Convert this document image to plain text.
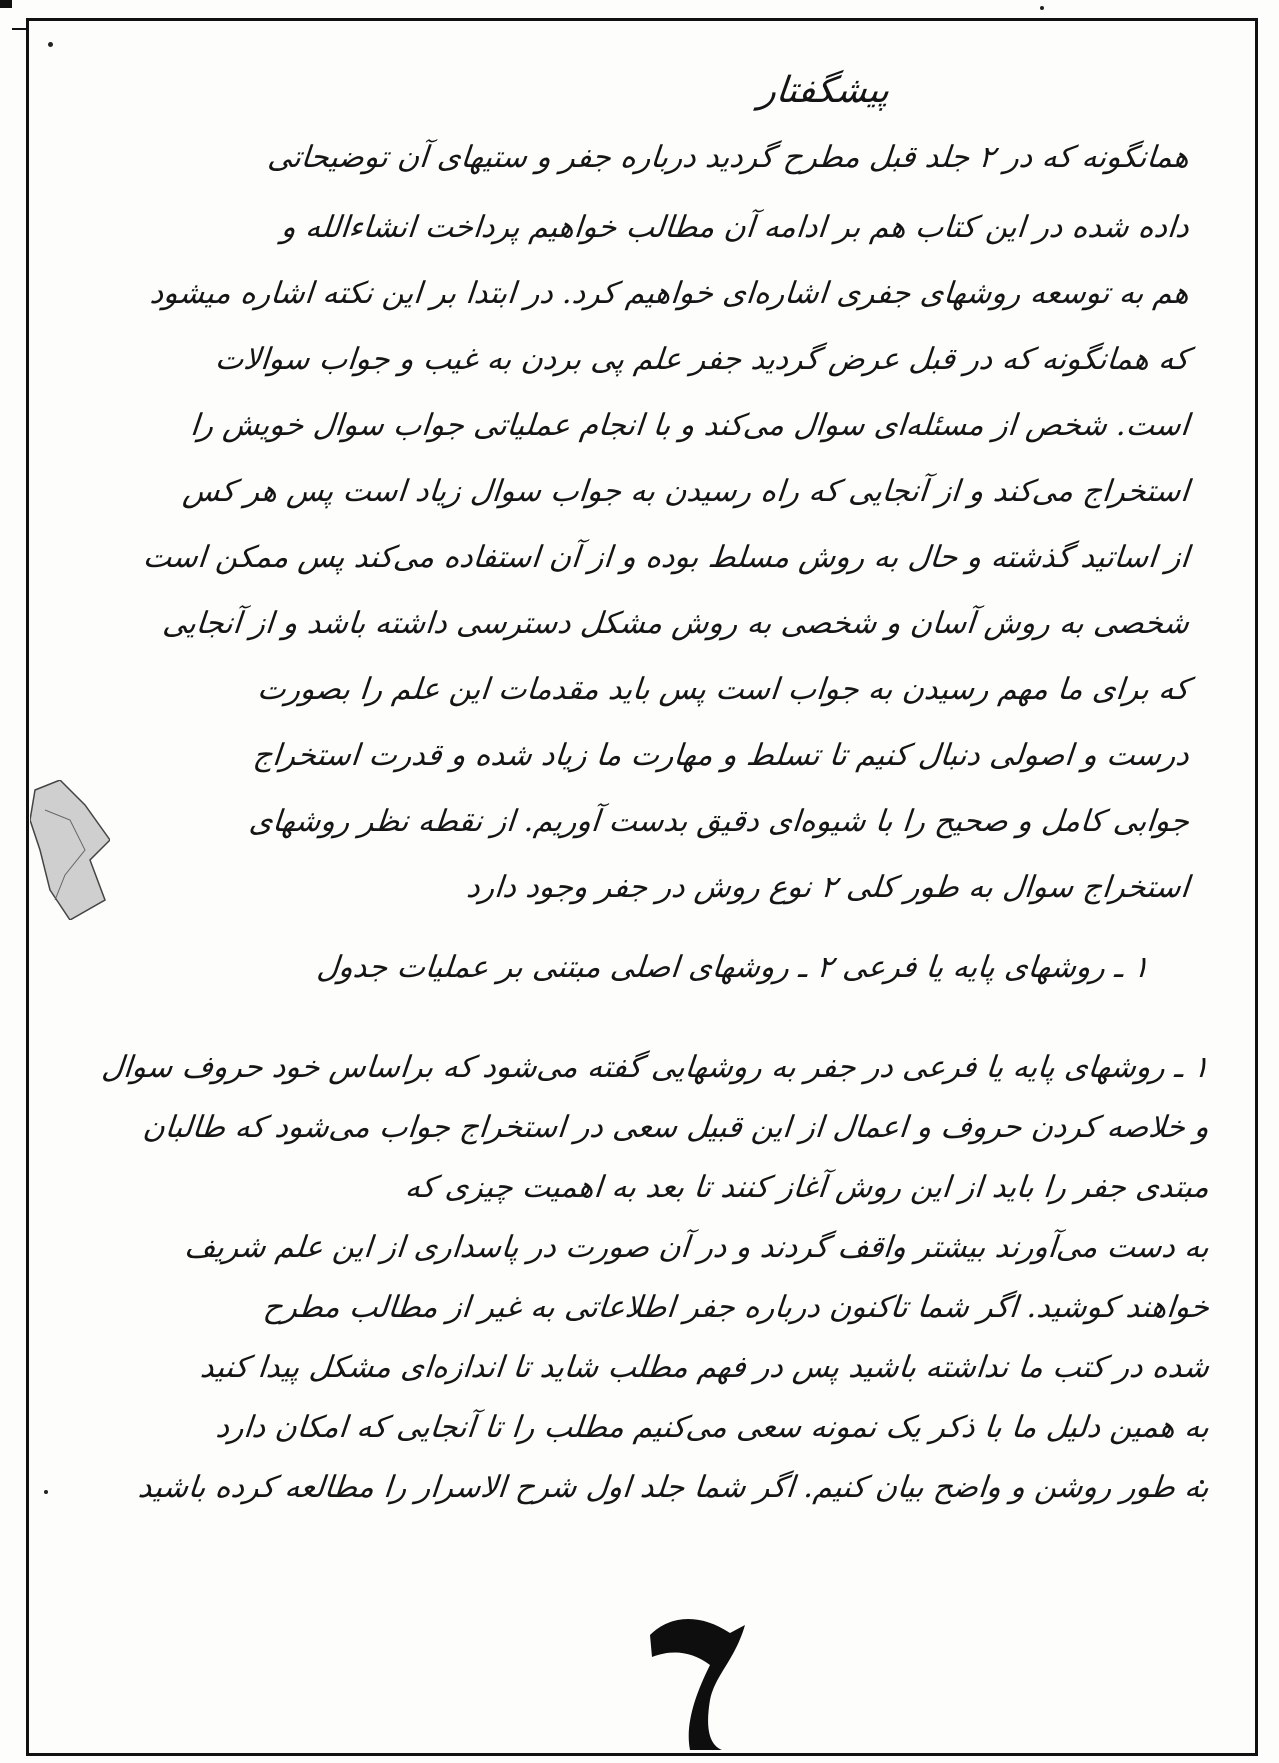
پیشگفتار
همانگونه که در ۲ جلد قبل مطرح گردید درباره جفر و ستیهای آن توضیحاتی
داده شده در این کتاب هم بر ادامه آن مطالب خواهیم پرداخت انشاءالله و
هم به توسعه روشهای جفری اشاره‌ای خواهیم کرد. در ابتدا بر این نکته اشاره میشود
که همانگونه که در قبل عرض گردید جفر علم پی بردن به غیب و جواب سوالات
است. شخص از مسئله‌ای سوال می‌کند و با انجام عملیاتی جواب سوال خویش را
استخراج می‌کند و از آنجایی که راه رسیدن به جواب سوال زیاد است پس هر کس
از اساتید گذشته و حال به روش مسلط بوده و از آن استفاده می‌کند پس ممکن است
شخصی به روش آسان و شخصی به روش مشکل دسترسی داشته باشد و از آنجایی
که برای ما مهم رسیدن به جواب است پس باید مقدمات این علم را بصورت
درست و اصولی دنبال کنیم تا تسلط و مهارت ما زیاد شده و قدرت استخراج
جوابی کامل و صحیح را با شیوه‌ای دقیق بدست آوریم. از نقطه نظر روشهای
استخراج سوال به طور کلی ۲ نوع روش در جفر وجود دارد
۱ ـ روشهای پایه یا فرعی ۲ ـ روشهای اصلی مبتنی بر عملیات جدول
۱ ـ روشهای پایه یا فرعی در جفر به روشهایی گفته می‌شود که براساس خود حروف سوال
و خلاصه کردن حروف و اعمال از این قبیل سعی در استخراج جواب می‌شود که طالبان
مبتدی جفر را باید از این روش آغاز کنند تا بعد به اهمیت چیزی که
به دست می‌آورند بیشتر واقف گردند و در آن صورت در پاسداری از این علم شریف
خواهند کوشید. اگر شما تاکنون درباره جفر اطلاعاتی به غیر از مطالب مطرح
شده در کتب ما نداشته باشید پس در فهم مطلب شاید تا اندازه‌ای مشکل پیدا کنید
به همین دلیل ما با ذکر یک نمونه سعی می‌کنیم مطلب را تا آنجایی که امکان دارد
به طور روشن و واضح بیان کنیم. اگر شما جلد اول شرح الاسرار را مطالعه کرده باشید
۶
